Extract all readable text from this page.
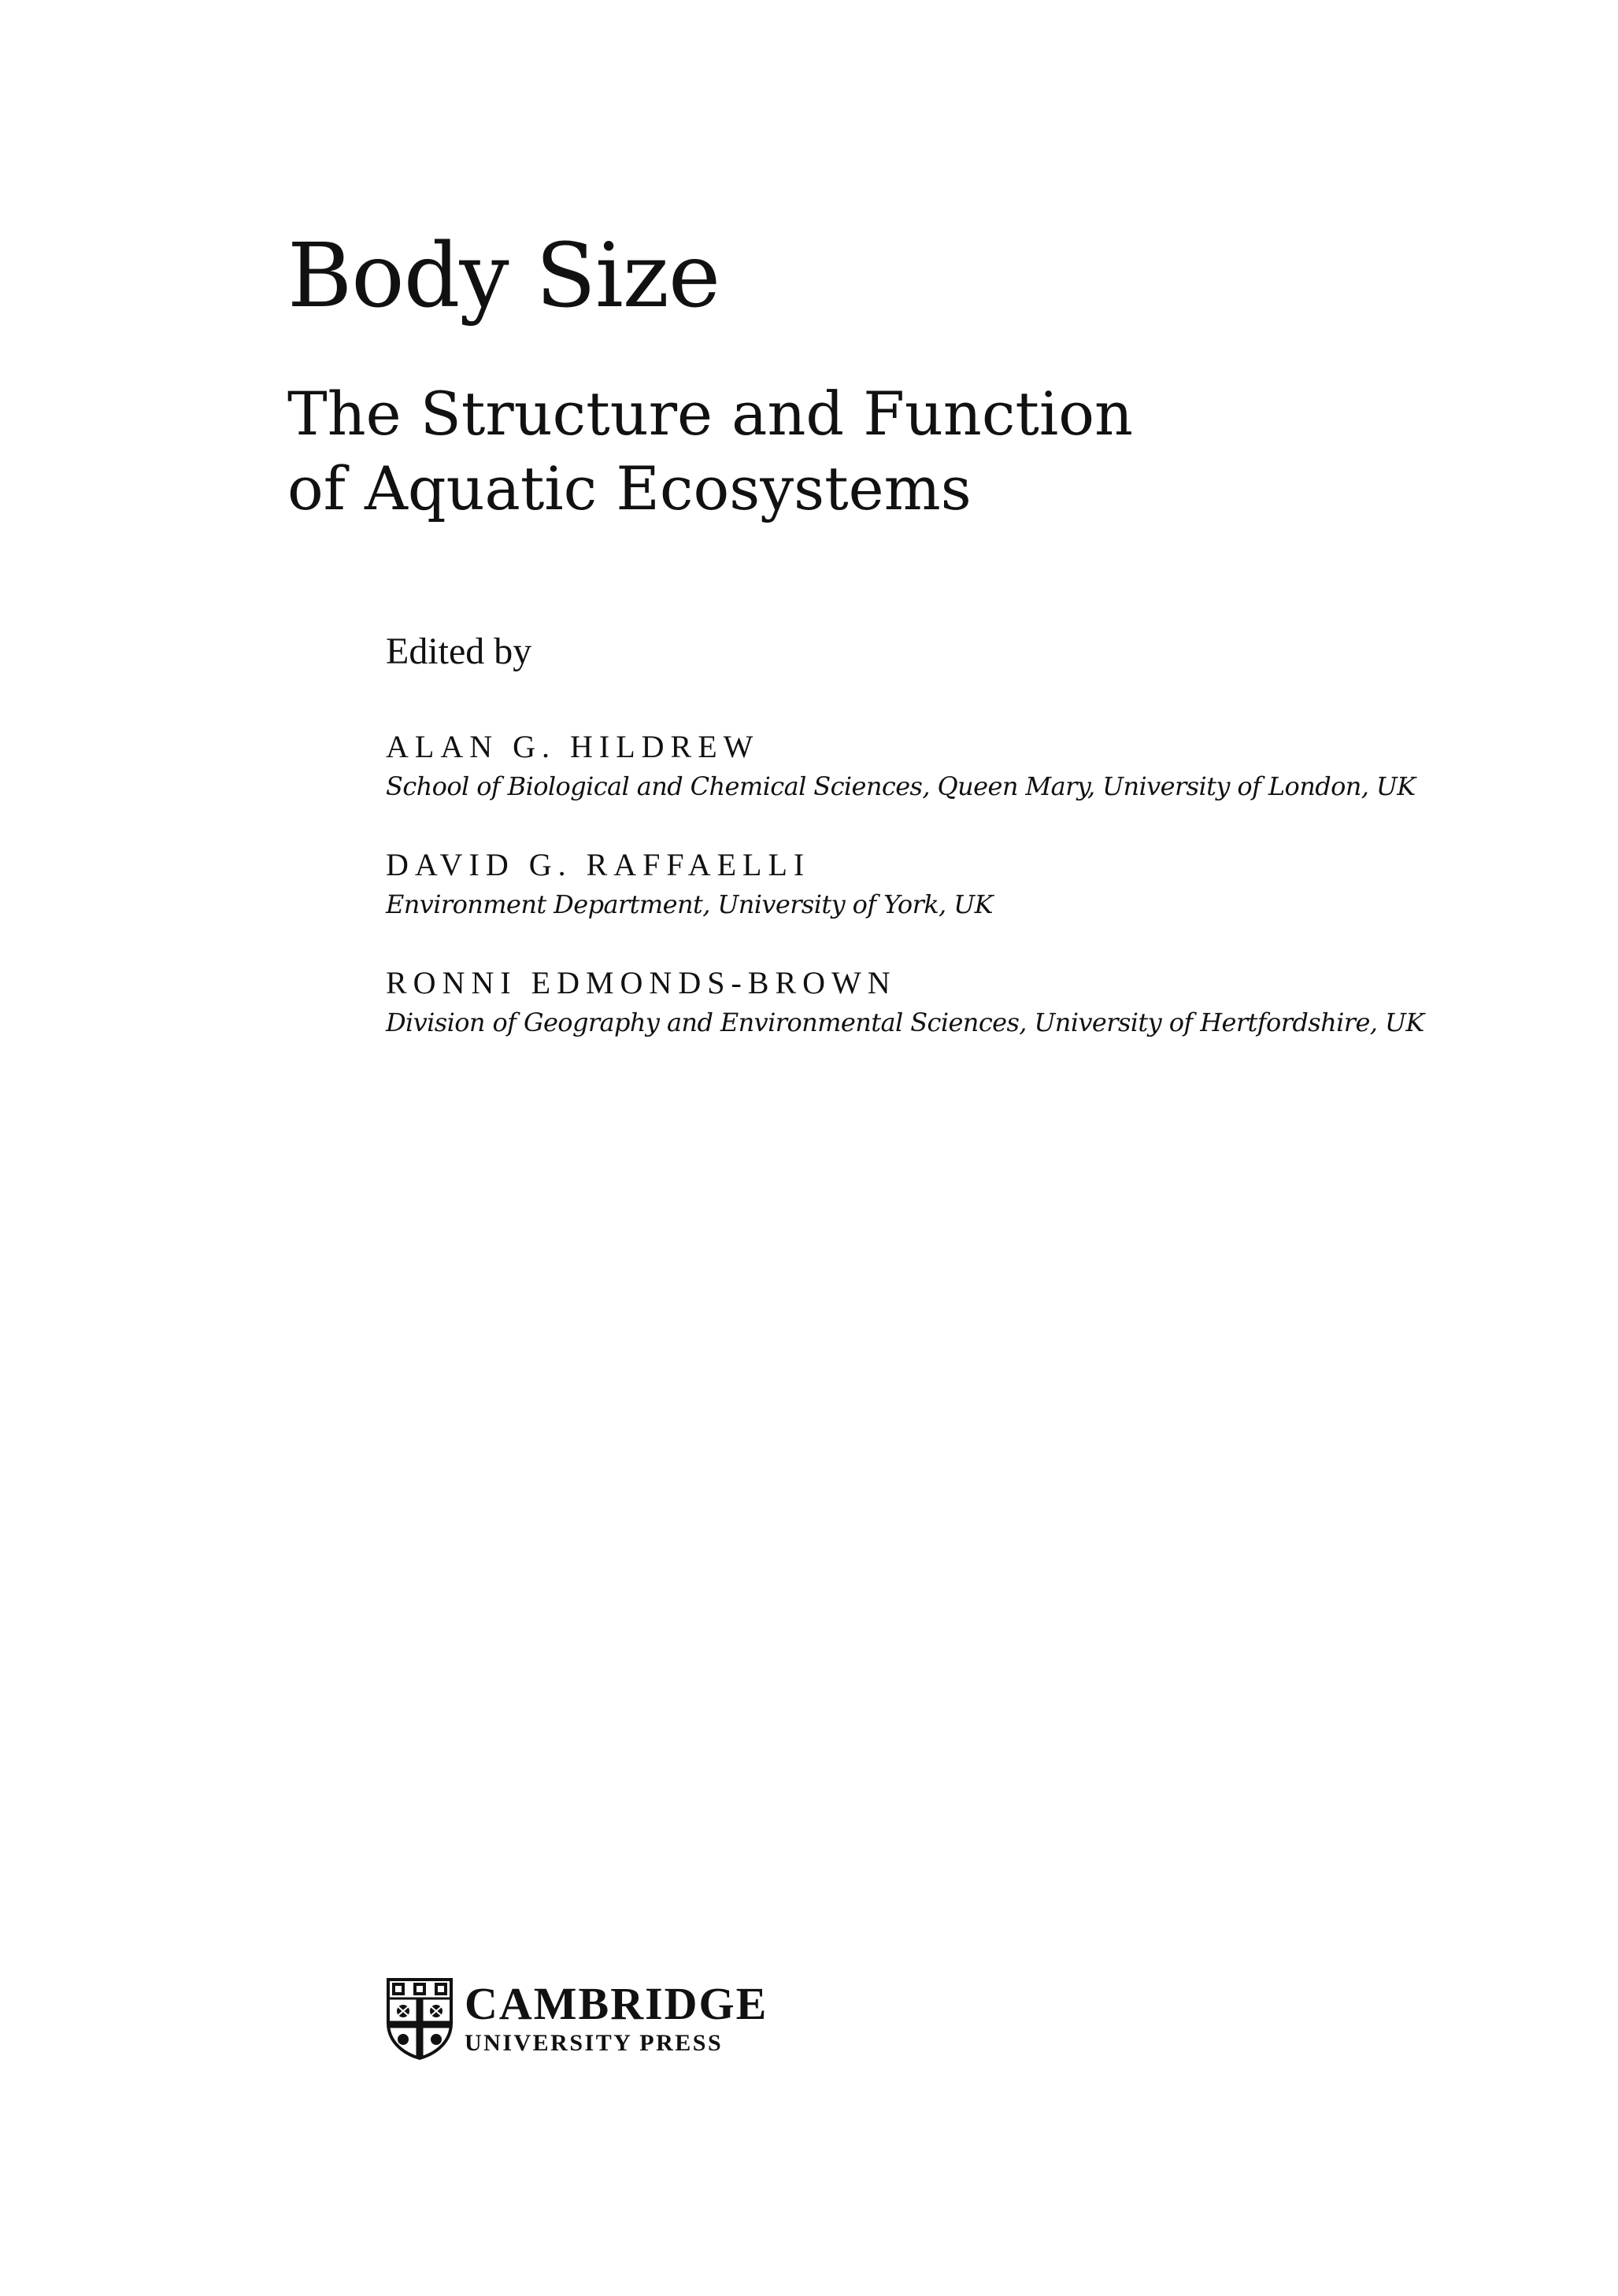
Body Size
The Structure and Function
of Aquatic Ecosystems
Edited by
ALAN G. HILDREW
School of Biological and Chemical Sciences, Queen Mary, University of London, UK
DAVID G. RAFFAELLI
Environment Department, University of York, UK
RONNI EDMONDS-BROWN
Division of Geography and Environmental Sciences, University of Hertfordshire, UK
CAMBRIDGE
UNIVERSITY PRESS
